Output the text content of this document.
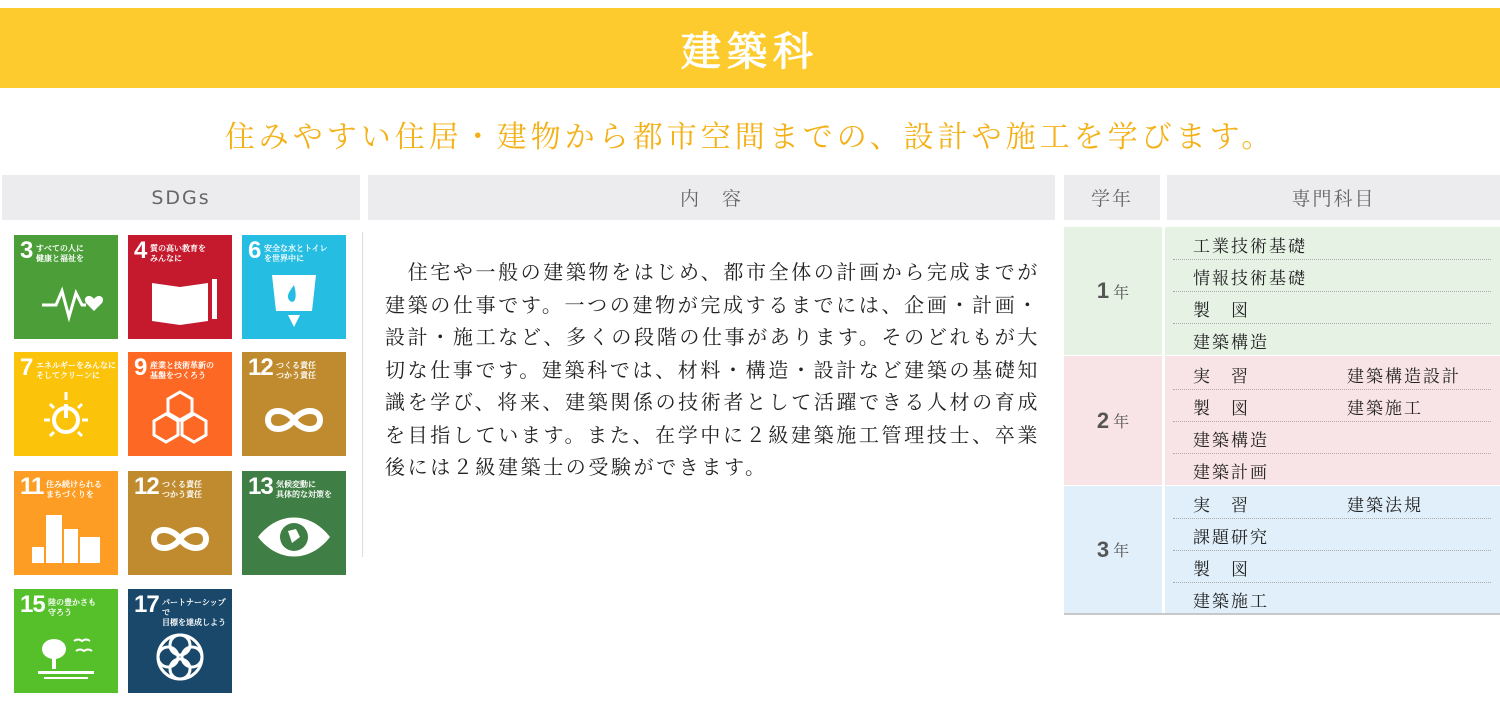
建築科
住みやすい住居・建物から都市空間までの、設計や施工を学びます。
SDGs	内　容	学年	専門科目
3 すべての人に
健康と福祉を 4 質の高い教育を
みんなに	6 安全な水とトイレ
を世界中に
7 エネルギーをみんなに
そしてクリーンに	9 産業と技術革新の
基盤をつくろう	12 つくる責任
つかう責任
11 住み続けられる
まちづくりを	12 つくる責任
つかう責任 13 気候変動に
具体的な対策を
15 陸の豊かさも
守ろう	17 パートナーシップで
目標を達成しよう
　住宅や一般の建築物をはじめ、都市全体の計画から完成までが建築の仕事です。一つの建物が完成するまでには、企画・計画・設計・施工など、多くの段階の仕事があります。そのどれもが大切な仕事です。建築科では、材料・構造・設計など建築の基礎知識を学び、将来、建築関係の技術者として活躍できる人材の育成を目指しています。また、在学中に２級建築施工管理技士、卒業後には２級建築士の受験ができます。
1 年
工業技術基礎
情報技術基礎
製　図
建築構造
2 年
実　習	建築構造設計
製　図	建築施工
建築構造
建築計画
3 年
実　習	建築法規
課題研究
製　図
建築施工
